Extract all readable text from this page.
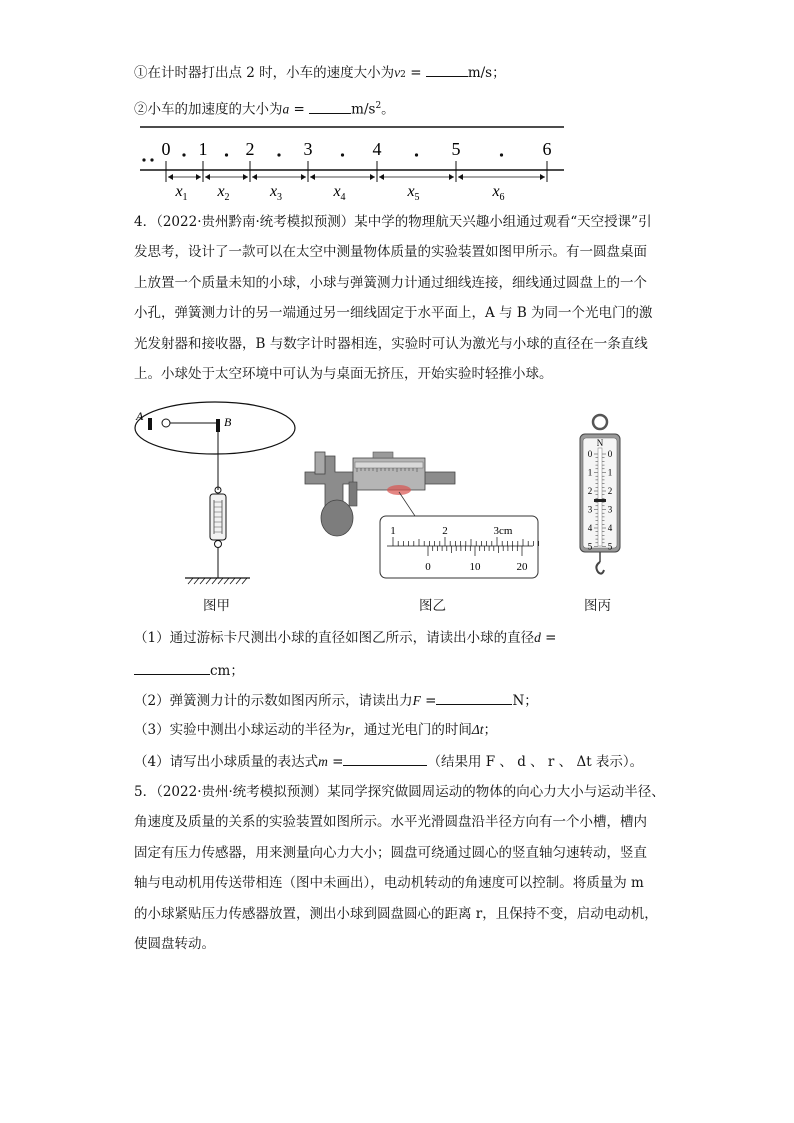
①在计时器打出点 2 时，小车的速度大小为v2 =	m/s；
②小车的加速度的大小为a =	$m/s^2$。
0 1 2	3	4	5	6
$x_1$ $x_2$	$x_3$	$x_4$	$x_5$	$x_6$
4．（2022·贵州黔南·统考模拟预测）某中学的物理航天兴趣小组通过观看“天空授课”引
发思考，设计了一款可以在太空中测量物体质量的实验装置如图甲所示。有一圆盘桌面
上放置一个质量未知的小球，小球与弹簧测力计通过细线连接，细线通过圆盘上的一个
小孔，弹簧测力计的另一端通过另一细线固定于水平面上，A 与 B 为同一个光电门的激
光发射器和接收器，B 与数字计时器相连，实验时可认为激光与小球的直径在一条直线
上。小球处于太空环境中可认为与桌面无挤压，开始实验时轻推小球。
A	B
1	2	3cm
0	10	20
N
0 0
1 1
2 2
3 3
4 4
5 5
图甲	图乙	图丙
（1）通过游标卡尺测出小球的直径如图乙所示，请读出小球的直径d =
cm；
（2）弹簧测力计的示数如图丙所示，请读出力F =	N；
（3）实验中测出小球运动的半径为r，通过光电门的时间Δt；
（4）请写出小球质量的表达式m =	（结果用 F 、 d 、 r 、 Δt 表示）。
5．（2022·贵州·统考模拟预测）某同学探究做圆周运动的物体的向心力大小与运动半径、
角速度及质量的关系的实验装置如图所示。水平光滑圆盘沿半径方向有一个小槽，槽内
固定有压力传感器，用来测量向心力大小；圆盘可绕通过圆心的竖直轴匀速转动，竖直
轴与电动机用传送带相连（图中未画出），电动机转动的角速度可以控制。将质量为 m
的小球紧贴压力传感器放置，测出小球到圆盘圆心的距离 r，且保持不变，启动电动机，
使圆盘转动。
